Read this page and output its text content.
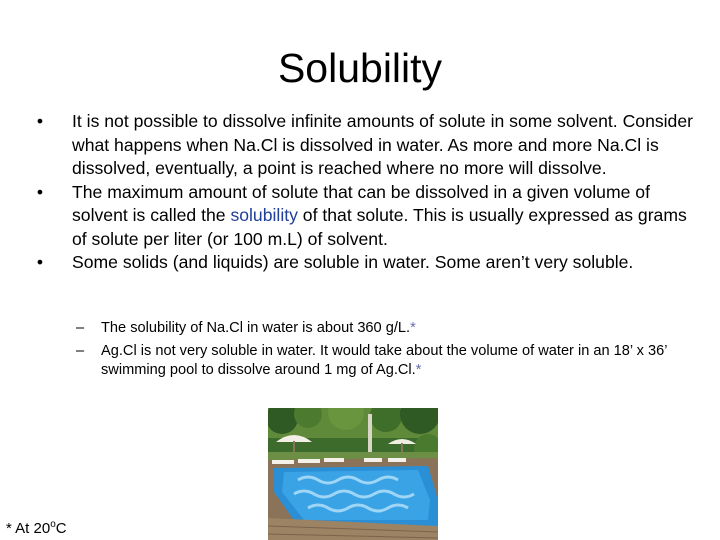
Solubility
•	It is not possible to dissolve infinite amounts of solute in some solvent. Consider what happens when Na.Cl is dissolved in water. As more and more Na.Cl is dissolved, eventually, a point is reached where no more will dissolve.
•	The maximum amount of solute that can be dissolved in a given volume of solvent is called the solubility of that solute. This is usually expressed as grams of solute per liter (or 100 m.L) of solvent.
•	Some solids (and liquids) are soluble in water. Some aren’t very soluble.
– The solubility of Na.Cl in water is about 360 g/L.*
– Ag.Cl is not very soluble in water. It would take about the volume of water in an 18’ x 36’ swimming pool to dissolve around 1 mg of Ag.Cl.*
* At 20$^o$C
